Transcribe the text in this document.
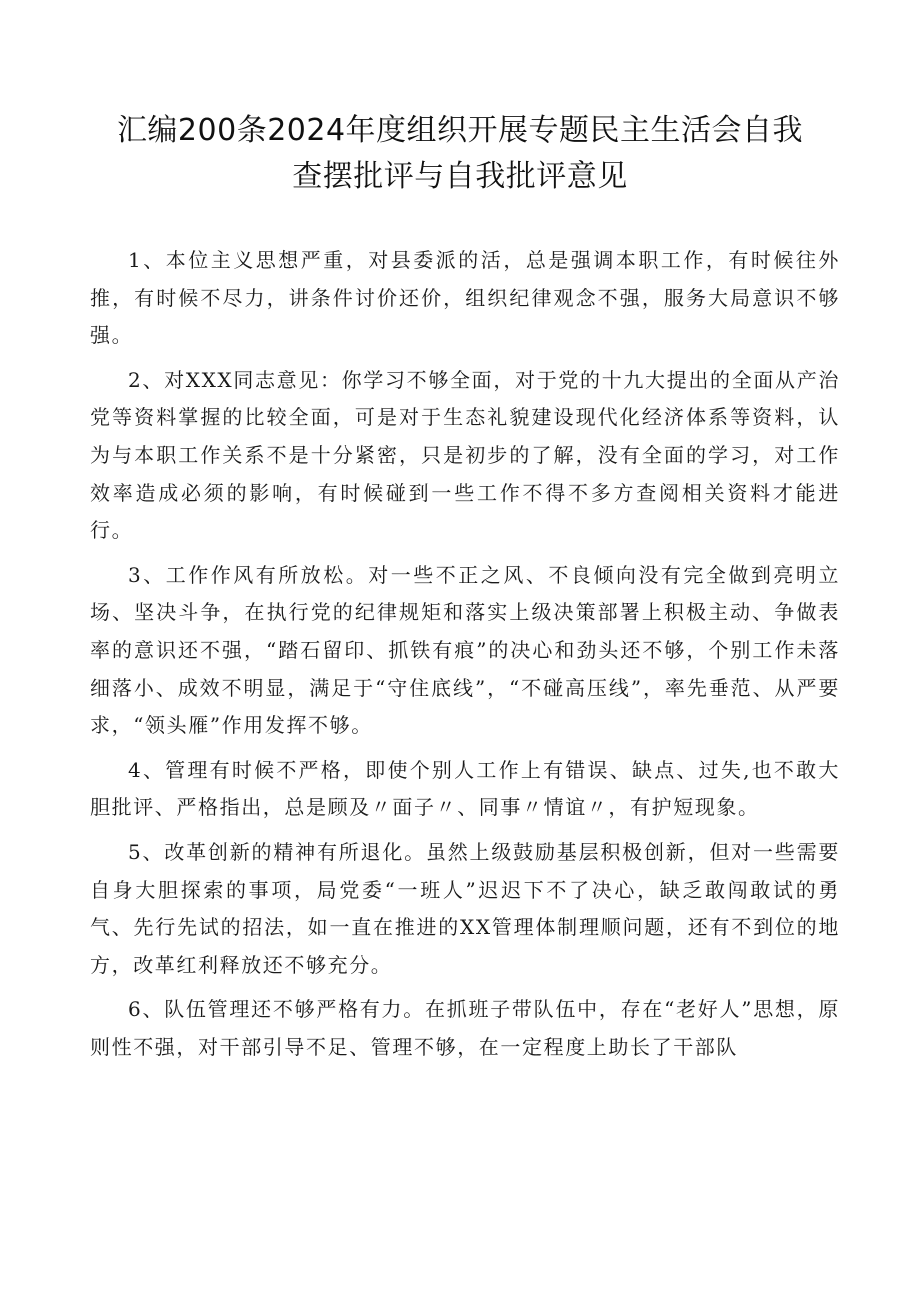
汇编200条2024年度组织开展专题民主生活会自我
查摆批评与自我批评意见

1、本位主义思想严重，对县委派的活，总是强调本职工作，有时候往外推，有时候不尽力，讲条件讨价还价，组织纪律观念不强，服务大局意识不够强。

2、对XXX同志意见：你学习不够全面，对于党的十九大提出的全面从产治党等资料掌握的比较全面，可是对于生态礼貌建设现代化经济体系等资料，认为与本职工作关系不是十分紧密，只是初步的了解，没有全面的学习，对工作效率造成必须的影响，有时候碰到一些工作不得不多方查阅相关资料才能进行。

3、工作作风有所放松。对一些不正之风、不良倾向没有完全做到亮明立场、坚决斗争，在执行党的纪律规矩和落实上级决策部署上积极主动、争做表率的意识还不强，“踏石留印、抓铁有痕”的决心和劲头还不够，个别工作未落细落小、成效不明显，满足于“守住底线”，“不碰高压线”，率先垂范、从严要求，“领头雁”作用发挥不够。

4、管理有时候不严格，即使个别人工作上有错误、缺点、过失,也不敢大胆批评、严格指出，总是顾及〃面子〃、同事〃情谊〃，有护短现象。

5、改革创新的精神有所退化。虽然上级鼓励基层积极创新，但对一些需要自身大胆探索的事项，局党委“一班人”迟迟下不了决心，缺乏敢闯敢试的勇气、先行先试的招法，如一直在推进的XX管理体制理顺问题，还有不到位的地方，改革红利释放还不够充分。

6、队伍管理还不够严格有力。在抓班子带队伍中，存在“老好人”思想，原则性不强，对干部引导不足、管理不够，在一定程度上助长了干部队
